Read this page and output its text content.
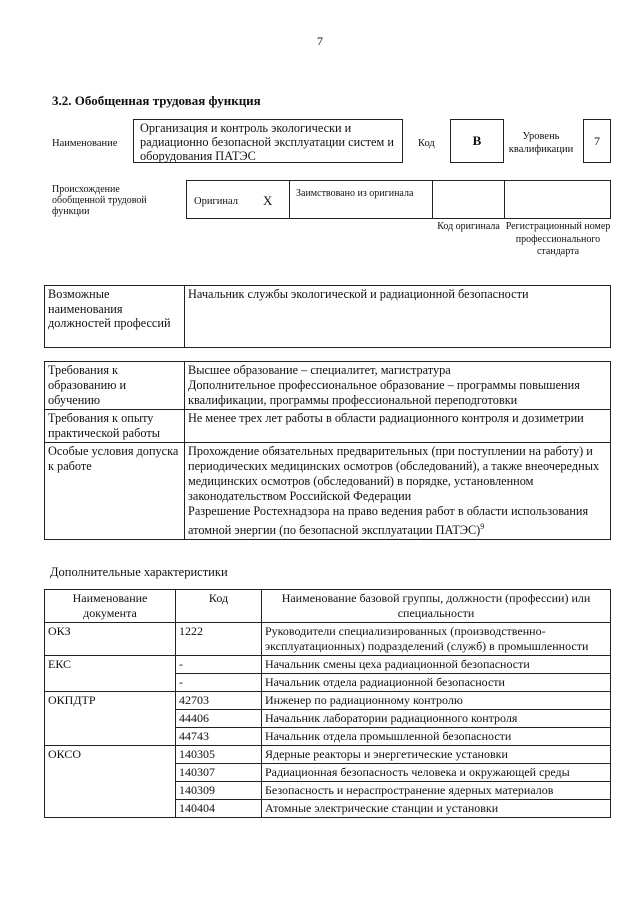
7
3.2. Обобщенная трудовая функция
Наименование
Организация и контроль экологически и радиационно безопасной эксплуатации систем и оборудования ПАТЭС
Код	В	Уровень квалификации
7
Происхождение обобщенной трудовой функции
Оригинал X	Заимствовано из оригинала
Код оригинала Регистрационный номер профессионального стандарта
Возможные наименования должностей профессий	Начальник службы экологической и радиационной безопасности
Требования к образованию и обучению	Высшее образование – специалитет, магистратура
Дополнительное профессиональное образование – программы повышения квалификации, программы профессиональной переподготовки
Требования к опыту практической работы	Не менее трех лет работы в области радиационного контроля и дозиметрии
Особые условия допуска к работе	Прохождение обязательных предварительных (при поступлении на работу) и периодических медицинских осмотров (обследований), а также внеочередных медицинских осмотров (обследований) в порядке, установленном законодательством Российской Федерации
Разрешение Ростехнадзора на право ведения работ в области использования атомной энергии (по безопасной эксплуатации ПАТЭС)$^9$
Дополнительные характеристики
Наименование документа	Код	Наименование базовой группы, должности (профессии) или специальности
ОКЗ	1222	Руководители специализированных (производственно-эксплуатационных) подразделений (служб) в промышленности
ЕКС	-	Начальник смены цеха радиационной безопасности
	-	Начальник отдела радиационной безопасности
ОКПДТР	42703	Инженер по радиационному контролю
	44406	Начальник лаборатории радиационного контроля
	44743	Начальник отдела промышленной безопасности
ОКСО	140305	Ядерные реакторы и энергетические установки
	140307	Радиационная безопасность человека и окружающей среды
	140309	Безопасность и нераспространение ядерных материалов
	140404	Атомные электрические станции и установки
